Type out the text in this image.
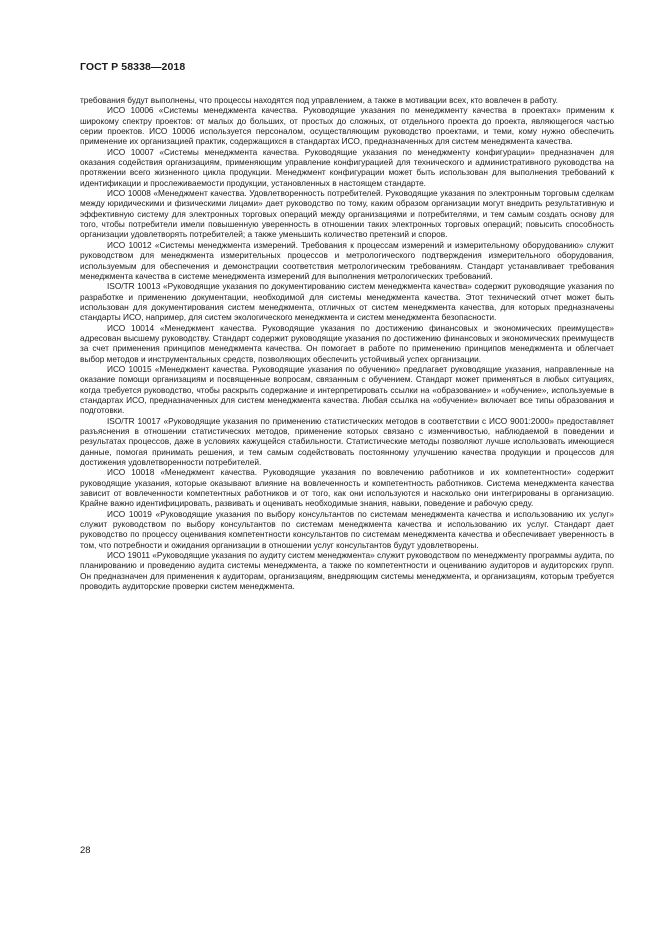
ГОСТ Р 58338—2018

требования будут выполнены, что процессы находятся под управлением, а также в мотивации всех, кто вовлечен в работу.

ИСО 10006 «Системы менеджмента качества. Руководящие указания по менеджменту качества в проектах» применим к широкому спектру проектов: от малых до больших, от простых до сложных, от отдельного проекта до проекта, являющегося частью серии проектов. ИСО 10006 используется персоналом, осуществляющим руководство проектами, и теми, кому нужно обеспечить применение их организацией практик, содержащихся в стандартах ИСО, предназначенных для систем менеджмента качества.

ИСО 10007 «Системы менеджмента качества. Руководящие указания по менеджменту конфигурации» предназначен для оказания содействия организациям, применяющим управление конфигурацией для технического и административного руководства на протяжении всего жизненного цикла продукции. Менеджмент конфигурации может быть использован для выполнения требований к идентификации и прослеживаемости продукции, установленных в настоящем стандарте.

ИСО 10008 «Менеджмент качества. Удовлетворенность потребителей. Руководящие указания по электронным торговым сделкам между юридическими и физическими лицами» дает руководство по тому, каким образом организации могут внедрить результативную и эффективную систему для электронных торговых операций между организациями и потребителями, и тем самым создать основу для того, чтобы потребители имели повышенную уверенность в отношении таких электронных торговых операций; повысить способность организации удовлетворять потребителей; а также уменьшить количество претензий и споров.

ИСО 10012 «Системы менеджмента измерений. Требования к процессам измерений и измерительному оборудованию» служит руководством для менеджмента измерительных процессов и метрологического подтверждения измерительного оборудования, используемым для обеспечения и демонстрации соответствия метрологическим требованиям. Стандарт устанавливает требования менеджмента качества в системе менеджмента измерений для выполнения метрологических требований.

ISO/TR 10013 «Руководящие указания по документированию систем менеджмента качества» содержит руководящие указания по разработке и применению документации, необходимой для системы менеджмента качества. Этот технический отчет может быть использован для документирования систем менеджмента, отличных от систем менеджмента качества, для которых предназначены стандарты ИСО, например, для систем экологического менеджмента и систем менеджмента безопасности.

ИСО 10014 «Менеджмент качества. Руководящие указания по достижению финансовых и экономических преимуществ» адресован высшему руководству. Стандарт содержит руководящие указания по достижению финансовых и экономических преимуществ за счет применения принципов менеджмента качества. Он помогает в работе по применению принципов менеджмента и облегчает выбор методов и инструментальных средств, позволяющих обеспечить устойчивый успех организации.

ИСО 10015 «Менеджмент качества. Руководящие указания по обучению» предлагает руководящие указания, направленные на оказание помощи организациям и посвященные вопросам, связанным с обучением. Стандарт может применяться в любых ситуациях, когда требуется руководство, чтобы раскрыть содержание и интерпретировать ссылки на «образование» и «обучение», используемые в стандартах ИСО, предназначенных для систем менеджмента качества. Любая ссылка на «обучение» включает все типы образования и подготовки.

ISO/TR 10017 «Руководящие указания по применению статистических методов в соответствии с ИСО 9001:2000» предоставляет разъяснения в отношении статистических методов, применение которых связано с изменчивостью, наблюдаемой в поведении и результатах процессов, даже в условиях кажущейся стабильности. Статистические методы позволяют лучше использовать имеющиеся данные, помогая принимать решения, и тем самым содействовать постоянному улучшению качества продукции и процессов для достижения удовлетворенности потребителей.

ИСО 10018 «Менеджмент качества. Руководящие указания по вовлечению работников и их компетентности» содержит руководящие указания, которые оказывают влияние на вовлеченность и компетентность работников. Система менеджмента качества зависит от вовлеченности компетентных работников и от того, как они используются и насколько они интегрированы в организацию. Крайне важно идентифицировать, развивать и оценивать необходимые знания, навыки, поведение и рабочую среду.

ИСО 10019 «Руководящие указания по выбору консультантов по системам менеджмента качества и использованию их услуг» служит руководством по выбору консультантов по системам менеджмента качества и использованию их услуг. Стандарт дает руководство по процессу оценивания компетентности консультантов по системам менеджмента качества и обеспечивает уверенность в том, что потребности и ожидания организации в отношении услуг консультантов будут удовлетворены.

ИСО 19011 «Руководящие указания по аудиту систем менеджмента» служит руководством по менеджменту программы аудита, по планированию и проведению аудита системы менеджмента, а также по компетентности и оцениванию аудиторов и аудиторских групп. Он предназначен для применения к аудиторам, организациям, внедряющим системы менеджмента, и организациям, которым требуется проводить аудиторские проверки систем менеджмента.

28
